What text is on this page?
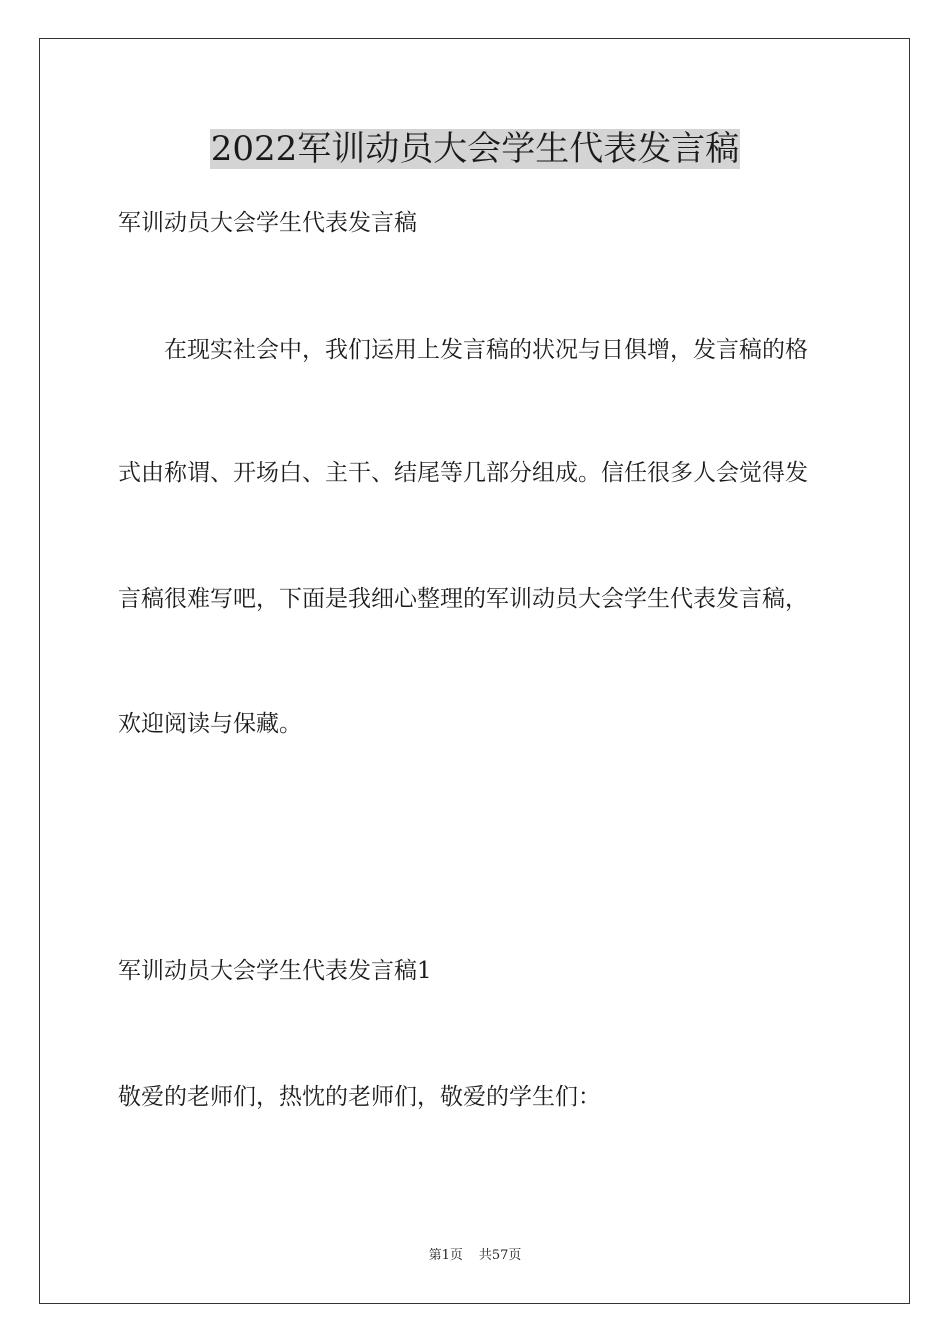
2022军训动员大会学生代表发言稿

军训动员大会学生代表发言稿

在现实社会中，我们运用上发言稿的状况与日俱增，发言稿的格

式由称谓、开场白、主干、结尾等几部分组成。信任很多人会觉得发

言稿很难写吧，下面是我细心整理的军训动员大会学生代表发言稿，

欢迎阅读与保藏。

军训动员大会学生代表发言稿1

敬爱的老师们，热忱的老师们，敬爱的学生们：

第1页 共57页
